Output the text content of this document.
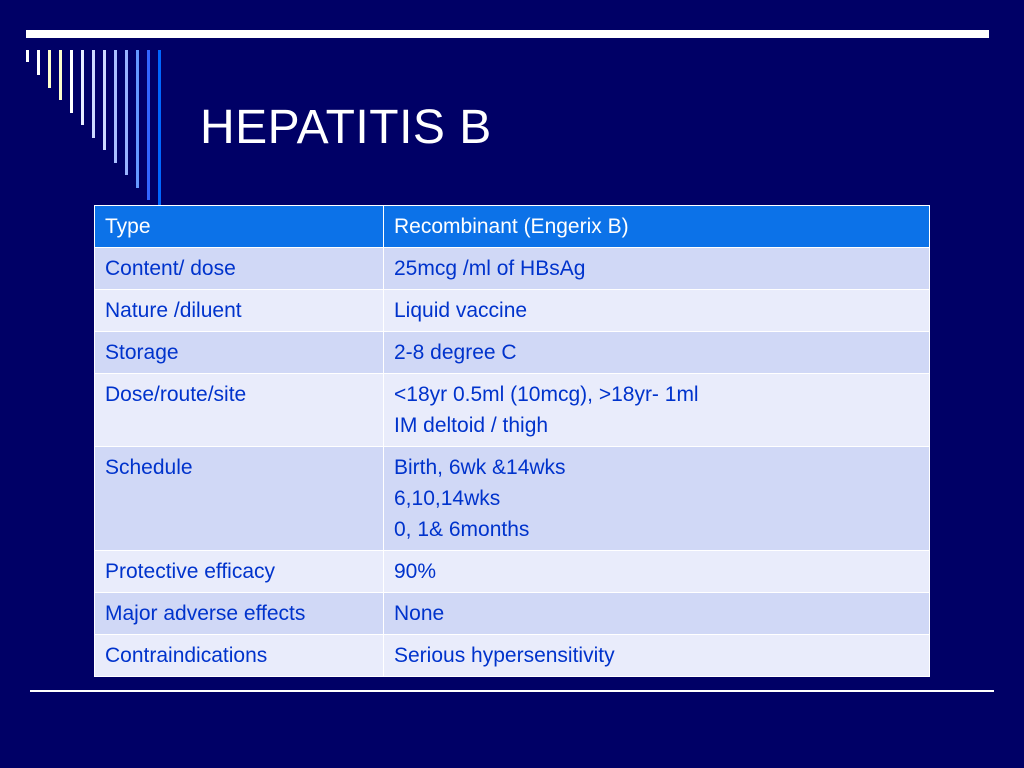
HEPATITIS B
Type	Recombinant (Engerix B)
Content/ dose	25mcg /ml of HBsAg

Nature /diluent	Liquid vaccine

Storage	2-8 degree C

Dose/route/site	<18yr 0.5ml (10mcg), >18yr- 1ml
IM deltoid / thigh

Schedule	Birth, 6wk &14wks
6,10,14wks
0, 1& 6months

Protective efficacy	90%

Major adverse effects	None

Contraindications	Serious hypersensitivity
